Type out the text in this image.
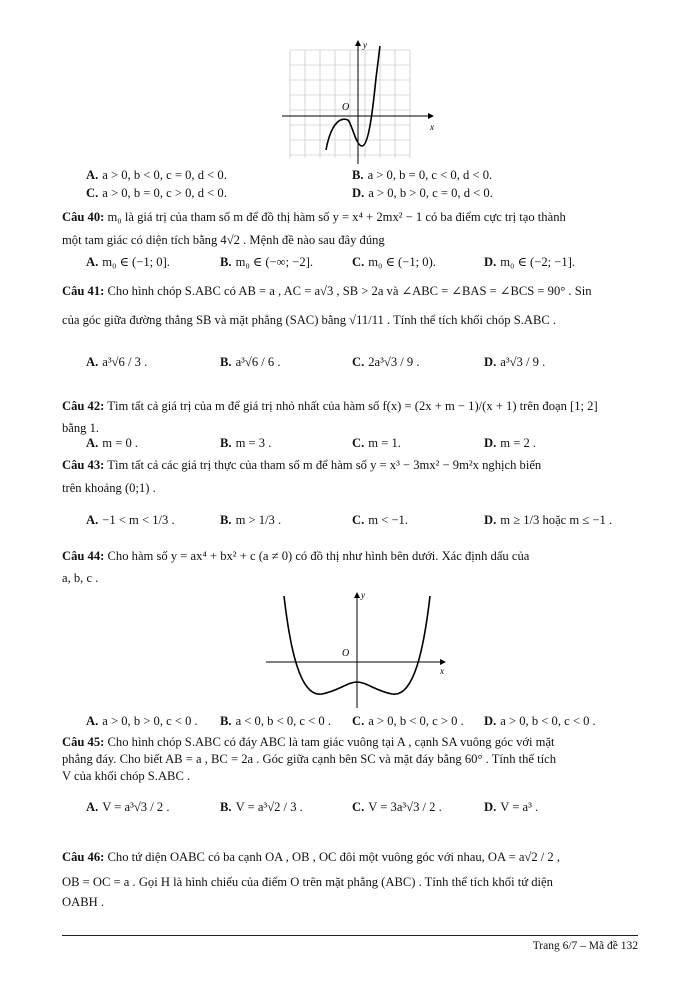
O
x
y
A. a > 0, b < 0, c = 0, d < 0.	B. a > 0, b = 0, c < 0, d < 0.
C. a > 0, b = 0, c > 0, d < 0.	D. a > 0, b > 0, c = 0, d < 0.
Câu 40: m₀ là giá trị của tham số m để đồ thị hàm số y = x⁴ + 2mx² − 1 có ba điểm cực trị tạo thành
một tam giác có diện tích bằng 4√2 . Mệnh đề nào sau đây đúng
A. m₀ ∈ (−1; 0].	B. m₀ ∈ (−∞; −2].	C. m₀ ∈ (−1; 0).	D. m₀ ∈ (−2; −1].
Câu 41: Cho hình chóp S.ABC có AB = a , AC = a√3 , SB > 2a và ∠ABC = ∠BAS = ∠BCS = 90° . Sin
của góc giữa đường thẳng SB và mặt phẳng (SAC) bằng √11/11 . Tính thể tích khối chóp S.ABC .
A. a³√6 / 3 .	B. a³√6 / 6 .	C. 2a³√3 / 9 .	D. a³√3 / 9 .
Câu 42: Tìm tất cả giá trị của m để giá trị nhỏ nhất của hàm số f(x) = (2x + m − 1)/(x + 1) trên đoạn [1; 2]
bằng 1.
A. m = 0 .	B. m = 3 .	C. m = 1.	D. m = 2 .
Câu 43: Tìm tất cả các giá trị thực của tham số m để hàm số y = x³ − 3mx² − 9m²x nghịch biến
trên khoảng (0;1) .
A. −1 < m < 1/3 .	B. m > 1/3 .	C. m < −1.	D. m ≥ 1/3 hoặc m ≤ −1 .
Câu 44: Cho hàm số y = ax⁴ + bx² + c (a ≠ 0) có đồ thị như hình bên dưới. Xác định dấu của
a, b, c .
O
x
y
A. a > 0, b > 0, c < 0 . B. a < 0, b < 0, c < 0 . C. a > 0, b < 0, c > 0 . D. a > 0, b < 0, c < 0 .
Câu 45: Cho hình chóp S.ABC có đáy ABC là tam giác vuông tại A , cạnh SA vuông góc với mặt
phẳng đáy. Cho biết AB = a , BC = 2a . Góc giữa cạnh bên SC và mặt đáy bằng 60° . Tính thể tích
V của khối chóp S.ABC .
A. V = a³√3 / 2 .	B. V = a³√2 / 3 .	C. V = 3a³√3 / 2 .	D. V = a³ .
Câu 46: Cho tứ diện OABC có ba cạnh OA , OB , OC đôi một vuông góc với nhau, OA = a√2 / 2 ,
OB = OC = a . Gọi H là hình chiếu của điểm O trên mặt phẳng (ABC) . Tính thể tích khối tứ diện
OABH .
Trang 6/7 – Mã đề 132
